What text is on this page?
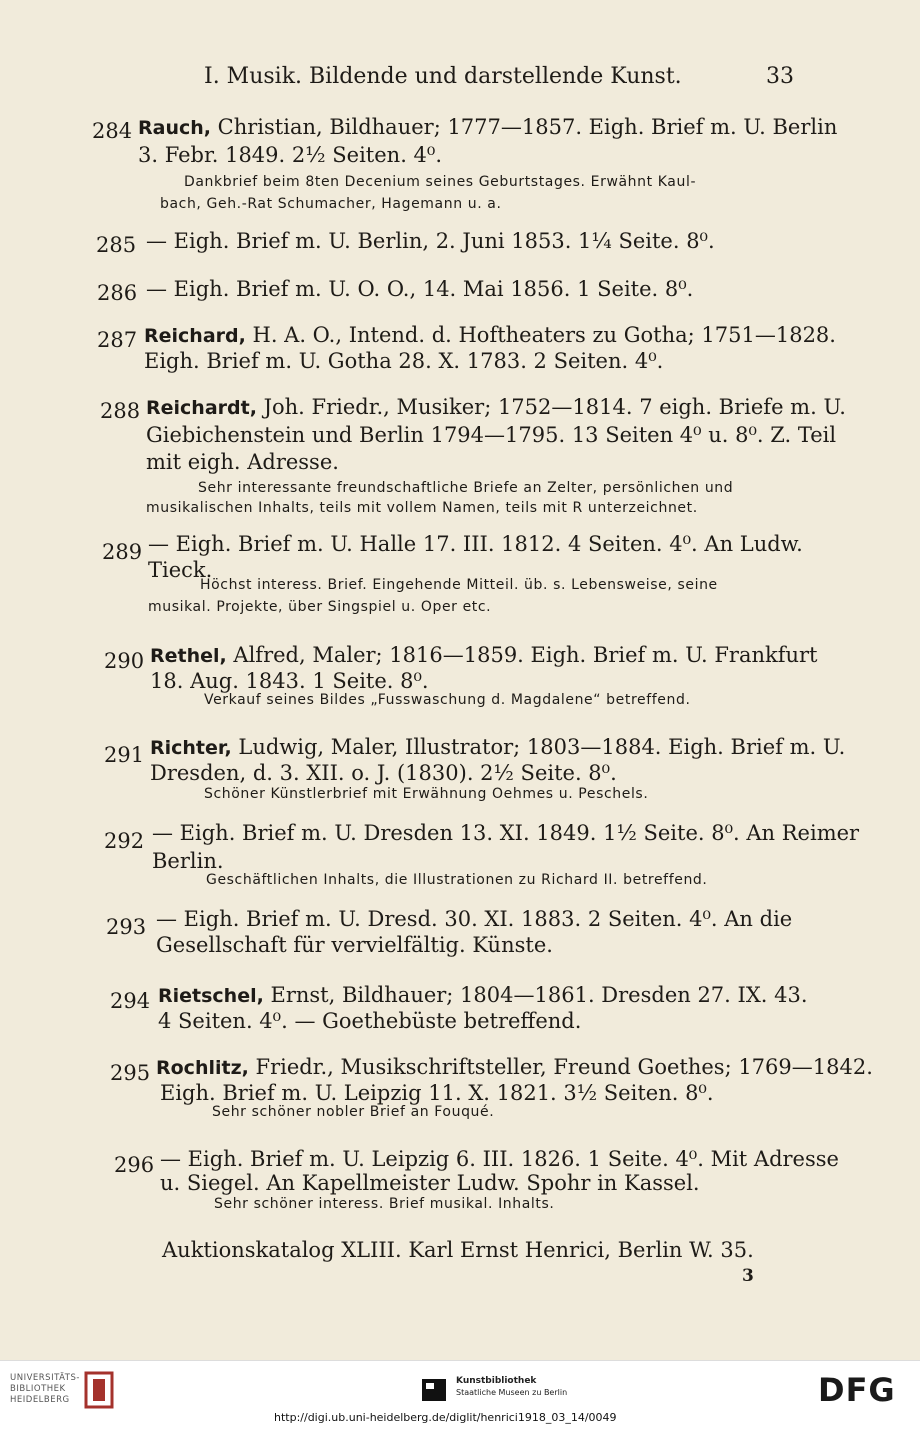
I. Musik. Bildende und darstellende Kunst.	33
284 Rauch, Christian, Bildhauer; 1777—1857. Eigh. Brief m. U. Berlin
3. Febr. 1849. 2½ Seiten. 4⁰.
Dankbrief beim 8ten Decenium seines Geburtstages. Erwähnt Kaul-
bach, Geh.-Rat Schumacher, Hagemann u. a.
285 — Eigh. Brief m. U. Berlin, 2. Juni 1853. 1¼ Seite. 8⁰.
286 — Eigh. Brief m. U. O. O., 14. Mai 1856. 1 Seite. 8⁰.
287 Reichard, H. A. O., Intend. d. Hoftheaters zu Gotha; 1751—1828.
Eigh. Brief m. U. Gotha 28. X. 1783. 2 Seiten. 4⁰.
288 Reichardt, Joh. Friedr., Musiker; 1752—1814. 7 eigh. Briefe m. U.
Giebichenstein und Berlin 1794—1795. 13 Seiten 4⁰ u. 8⁰. Z. Teil
mit eigh. Adresse.
Sehr interessante freundschaftliche Briefe an Zelter, persönlichen und
musikalischen Inhalts, teils mit vollem Namen, teils mit R unterzeichnet.
289 — Eigh. Brief m. U. Halle 17. III. 1812. 4 Seiten. 4⁰. An Ludw.
Tieck.
Höchst interess. Brief. Eingehende Mitteil. üb. s. Lebensweise, seine
musikal. Projekte, über Singspiel u. Oper etc.
290 Rethel, Alfred, Maler; 1816—1859. Eigh. Brief m. U. Frankfurt
18. Aug. 1843. 1 Seite. 8⁰.
Verkauf seines Bildes „Fusswaschung d. Magdalene“ betreffend.
291 Richter, Ludwig, Maler, Illustrator; 1803—1884. Eigh. Brief m. U.
Dresden, d. 3. XII. o. J. (1830). 2½ Seite. 8⁰.
Schöner Künstlerbrief mit Erwähnung Oehmes u. Peschels.
292 — Eigh. Brief m. U. Dresden 13. XI. 1849. 1½ Seite. 8⁰. An Reimer
Berlin.
Geschäftlichen Inhalts, die Illustrationen zu Richard II. betreffend.
293 — Eigh. Brief m. U. Dresd. 30. XI. 1883. 2 Seiten. 4⁰. An die
Gesellschaft für vervielfältig. Künste.
294 Rietschel, Ernst, Bildhauer; 1804—1861. Dresden 27. IX. 43.
4 Seiten. 4⁰. — Goethebüste betreffend.
295 Rochlitz, Friedr., Musikschriftsteller, Freund Goethes; 1769—1842.
Eigh. Brief m. U. Leipzig 11. X. 1821. 3½ Seiten. 8⁰.
Sehr schöner nobler Brief an Fouqué.
296 — Eigh. Brief m. U. Leipzig 6. III. 1826. 1 Seite. 4⁰. Mit Adresse
u. Siegel. An Kapellmeister Ludw. Spohr in Kassel.
Sehr schöner interess. Brief musikal. Inhalts.
Auktionskatalog XLIII. Karl Ernst Henrici, Berlin W. 35.
3
UNIVERSITÄTS-
BIBLIOTHEK
HEIDELBERG
Kunstbibliothek
Staatliche Museen zu Berlin	DFG
http://digi.ub.uni-heidelberg.de/diglit/henrici1918_03_14/0049
